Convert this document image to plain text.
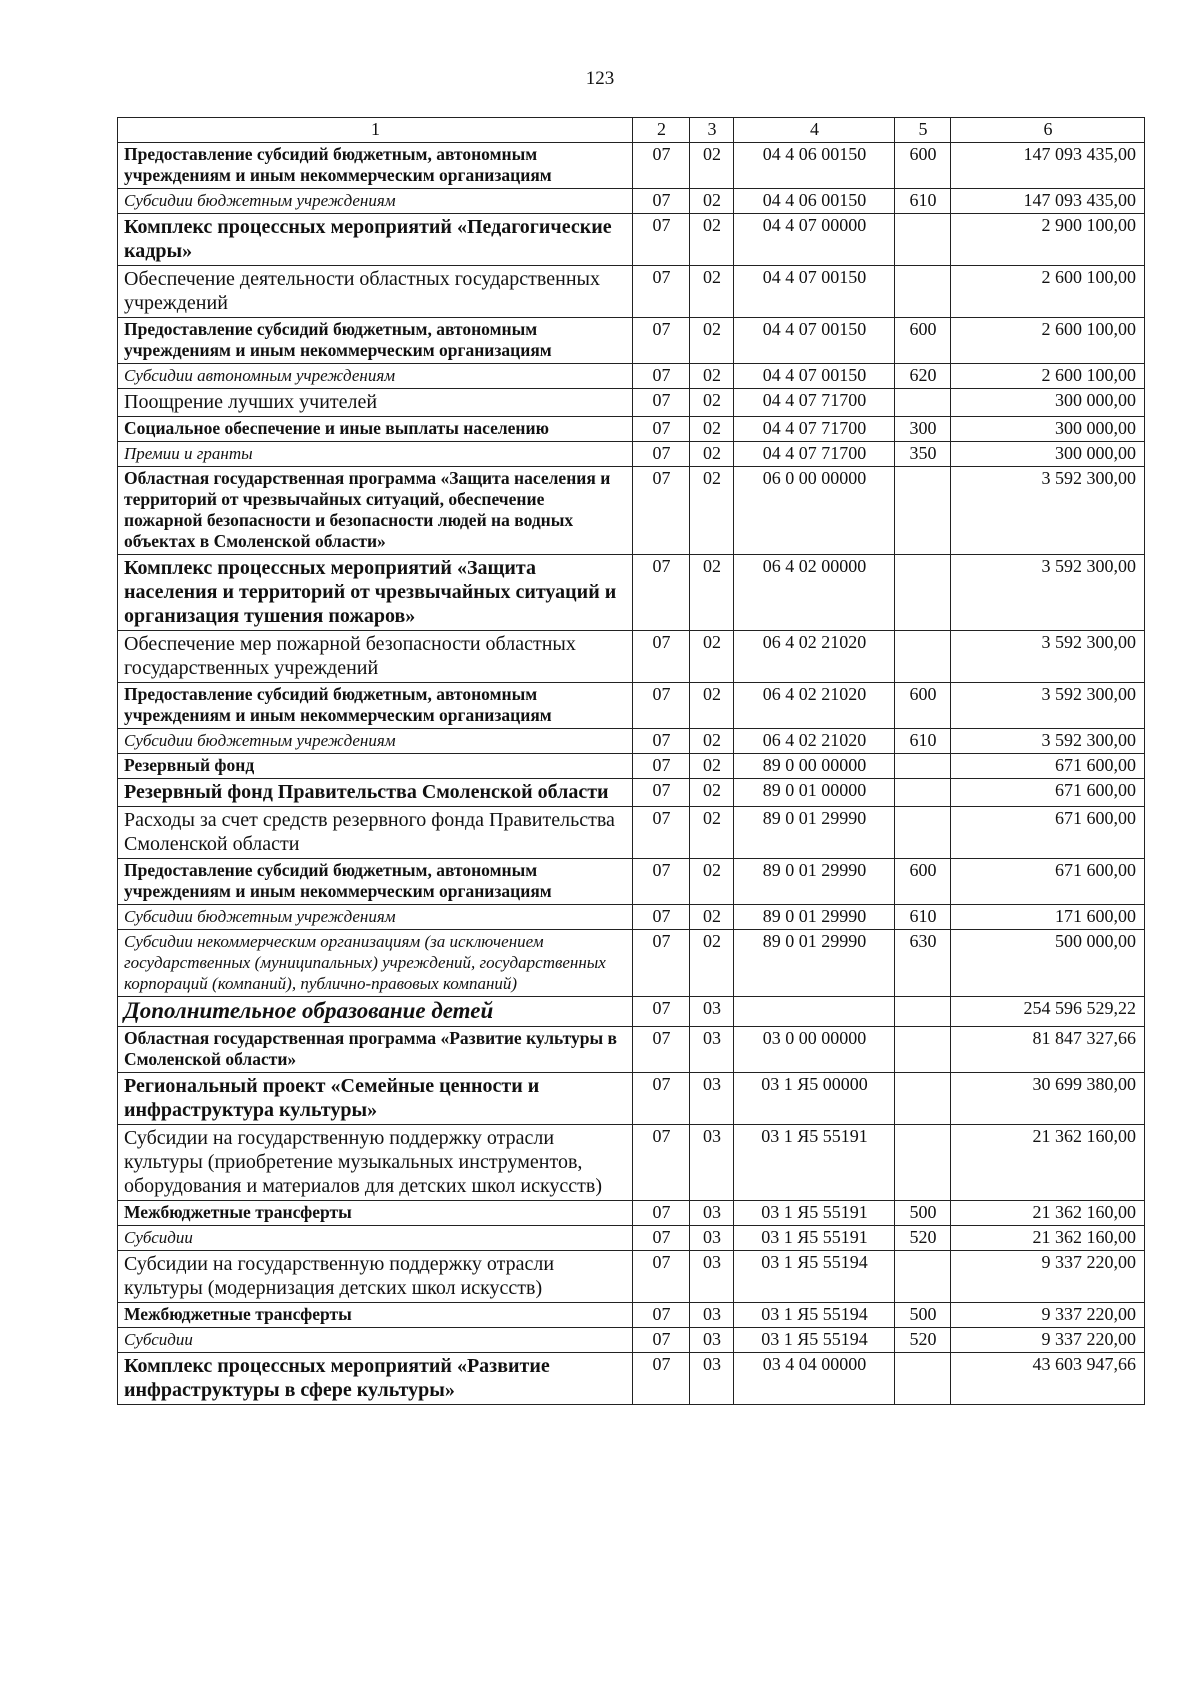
123
1	2	3	4	5	6
Предоставление субсидий бюджетным, автономным учреждениям и иным некоммерческим организациям	07	02	04 4 06 00150	600	147 093 435,00
Субсидии бюджетным учреждениям	07	02	04 4 06 00150	610	147 093 435,00
Комплекс процессных мероприятий «Педагогические кадры»	07	02	04 4 07 00000		2 900 100,00
Обеспечение деятельности областных государственных учреждений	07	02	04 4 07 00150		2 600 100,00
Предоставление субсидий бюджетным, автономным учреждениям и иным некоммерческим организациям	07	02	04 4 07 00150	600	2 600 100,00
Субсидии автономным учреждениям	07	02	04 4 07 00150	620	2 600 100,00
Поощрение лучших учителей	07	02	04 4 07 71700		300 000,00
Социальное обеспечение и иные выплаты населению	07	02	04 4 07 71700	300	300 000,00
Премии и гранты	07	02	04 4 07 71700	350	300 000,00
Областная государственная программа «Защита населения и территорий от чрезвычайных ситуаций, обеспечение пожарной безопасности и безопасности людей на водных объектах в Смоленской области»	07	02	06 0 00 00000		3 592 300,00
Комплекс процессных мероприятий «Защита населения и территорий от чрезвычайных ситуаций и организация тушения пожаров»	07	02	06 4 02 00000		3 592 300,00
Обеспечение мер пожарной безопасности областных государственных учреждений	07	02	06 4 02 21020		3 592 300,00
Предоставление субсидий бюджетным, автономным учреждениям и иным некоммерческим организациям	07	02	06 4 02 21020	600	3 592 300,00
Субсидии бюджетным учреждениям	07	02	06 4 02 21020	610	3 592 300,00
Резервный фонд	07	02	89 0 00 00000		671 600,00
Резервный фонд Правительства Смоленской области	07	02	89 0 01 00000		671 600,00
Расходы за счет средств резервного фонда Правительства Смоленской области	07	02	89 0 01 29990		671 600,00
Предоставление субсидий бюджетным, автономным учреждениям и иным некоммерческим организациям	07	02	89 0 01 29990	600	671 600,00
Субсидии бюджетным учреждениям	07	02	89 0 01 29990	610	171 600,00
Субсидии некоммерческим организациям (за исключением государственных (муниципальных) учреждений, государственных корпораций (компаний), публично-правовых компаний)	07	02	89 0 01 29990	630	500 000,00
Дополнительное образование детей	07	03			254 596 529,22
Областная государственная программа «Развитие культуры в Смоленской области»	07	03	03 0 00 00000		81 847 327,66
Региональный проект «Семейные ценности и инфраструктура культуры»	07	03	03 1 Я5 00000		30 699 380,00
Субсидии на государственную поддержку отрасли культуры (приобретение музыкальных инструментов, оборудования и материалов для детских школ искусств)	07	03	03 1 Я5 55191		21 362 160,00
Межбюджетные трансферты	07	03	03 1 Я5 55191	500	21 362 160,00
Субсидии	07	03	03 1 Я5 55191	520	21 362 160,00
Субсидии на государственную поддержку отрасли культуры (модернизация детских школ искусств)	07	03	03 1 Я5 55194		9 337 220,00
Межбюджетные трансферты	07	03	03 1 Я5 55194	500	9 337 220,00
Субсидии	07	03	03 1 Я5 55194	520	9 337 220,00
Комплекс процессных мероприятий «Развитие инфраструктуры в сфере культуры»	07	03	03 4 04 00000		43 603 947,66
